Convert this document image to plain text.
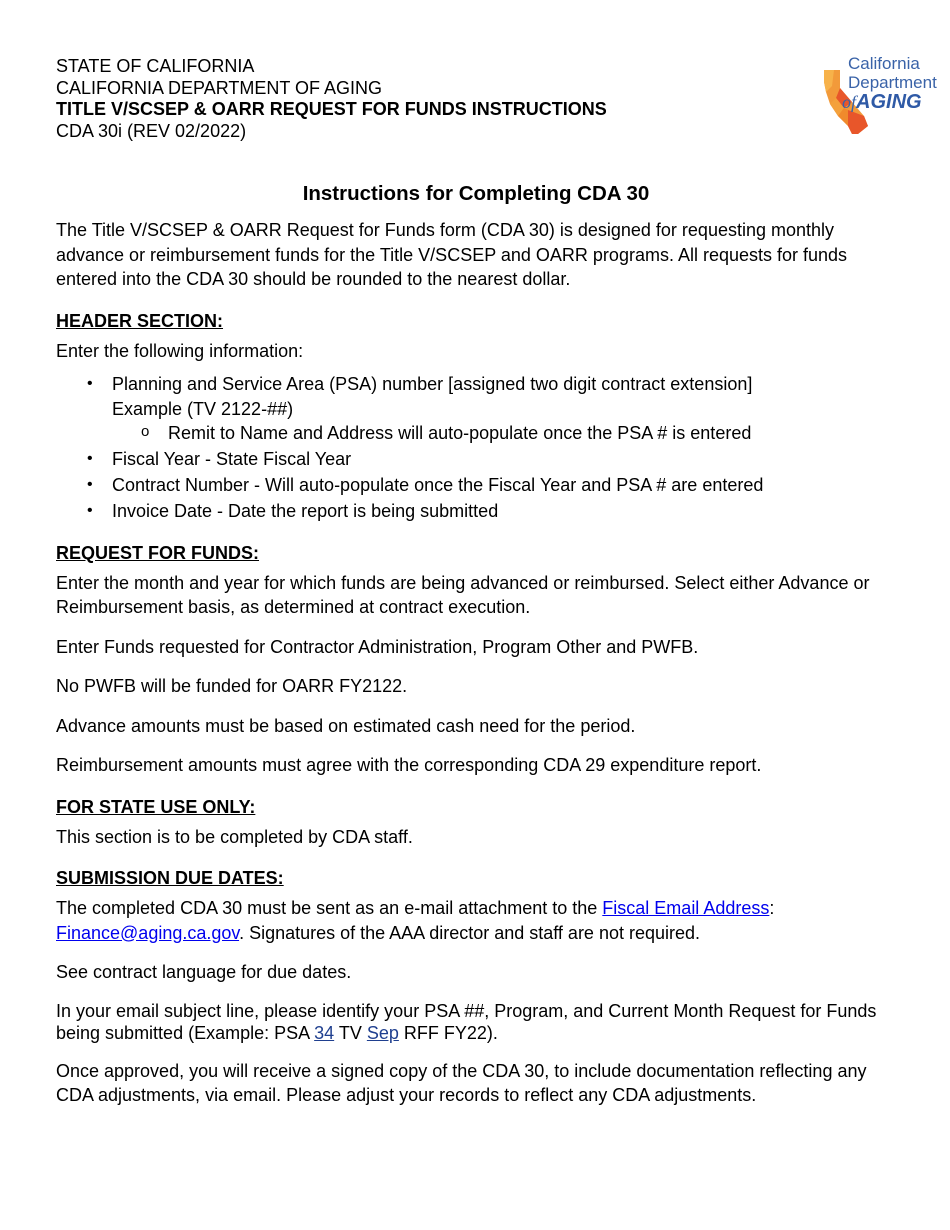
STATE OF CALIFORNIA
CALIFORNIA DEPARTMENT OF AGING
TITLE V/SCSEP & OARR REQUEST FOR FUNDS INSTRUCTIONS
CDA 30i (REV 02/2022)
California
Department
ofAGING
Instructions for Completing CDA 30

The Title V/SCSEP & OARR Request for Funds form (CDA 30) is designed for requesting monthly advance or reimbursement funds for the Title V/SCSEP and OARR programs. All requests for funds entered into the CDA 30 should be rounded to the nearest dollar.

HEADER SECTION:

Enter the following information:

• Planning and Service Area (PSA) number [assigned two digit contract extension]
Example (TV 2122-##)
o Remit to Name and Address will auto-populate once the PSA # is entered
• Fiscal Year - State Fiscal Year
• Contract Number - Will auto-populate once the Fiscal Year and PSA # are entered
• Invoice Date - Date the report is being submitted
REQUEST FOR FUNDS:

Enter the month and year for which funds are being advanced or reimbursed. Select either Advance or Reimbursement basis, as determined at contract execution.

Enter Funds requested for Contractor Administration, Program Other and PWFB.

No PWFB will be funded for OARR FY2122.

Advance amounts must be based on estimated cash need for the period.

Reimbursement amounts must agree with the corresponding CDA 29 expenditure report.

FOR STATE USE ONLY:

This section is to be completed by CDA staff.

SUBMISSION DUE DATES:

The completed CDA 30 must be sent as an e-mail attachment to the Fiscal Email Address:
Finance@aging.ca.gov. Signatures of the AAA director and staff are not required.

See contract language for due dates.

In your email subject line, please identify your PSA ##, Program, and Current Month Request for Funds being submitted (Example: PSA 34 TV Sep RFF FY22).

Once approved, you will receive a signed copy of the CDA 30, to include documentation reflecting any CDA adjustments, via email. Please adjust your records to reflect any CDA adjustments.
